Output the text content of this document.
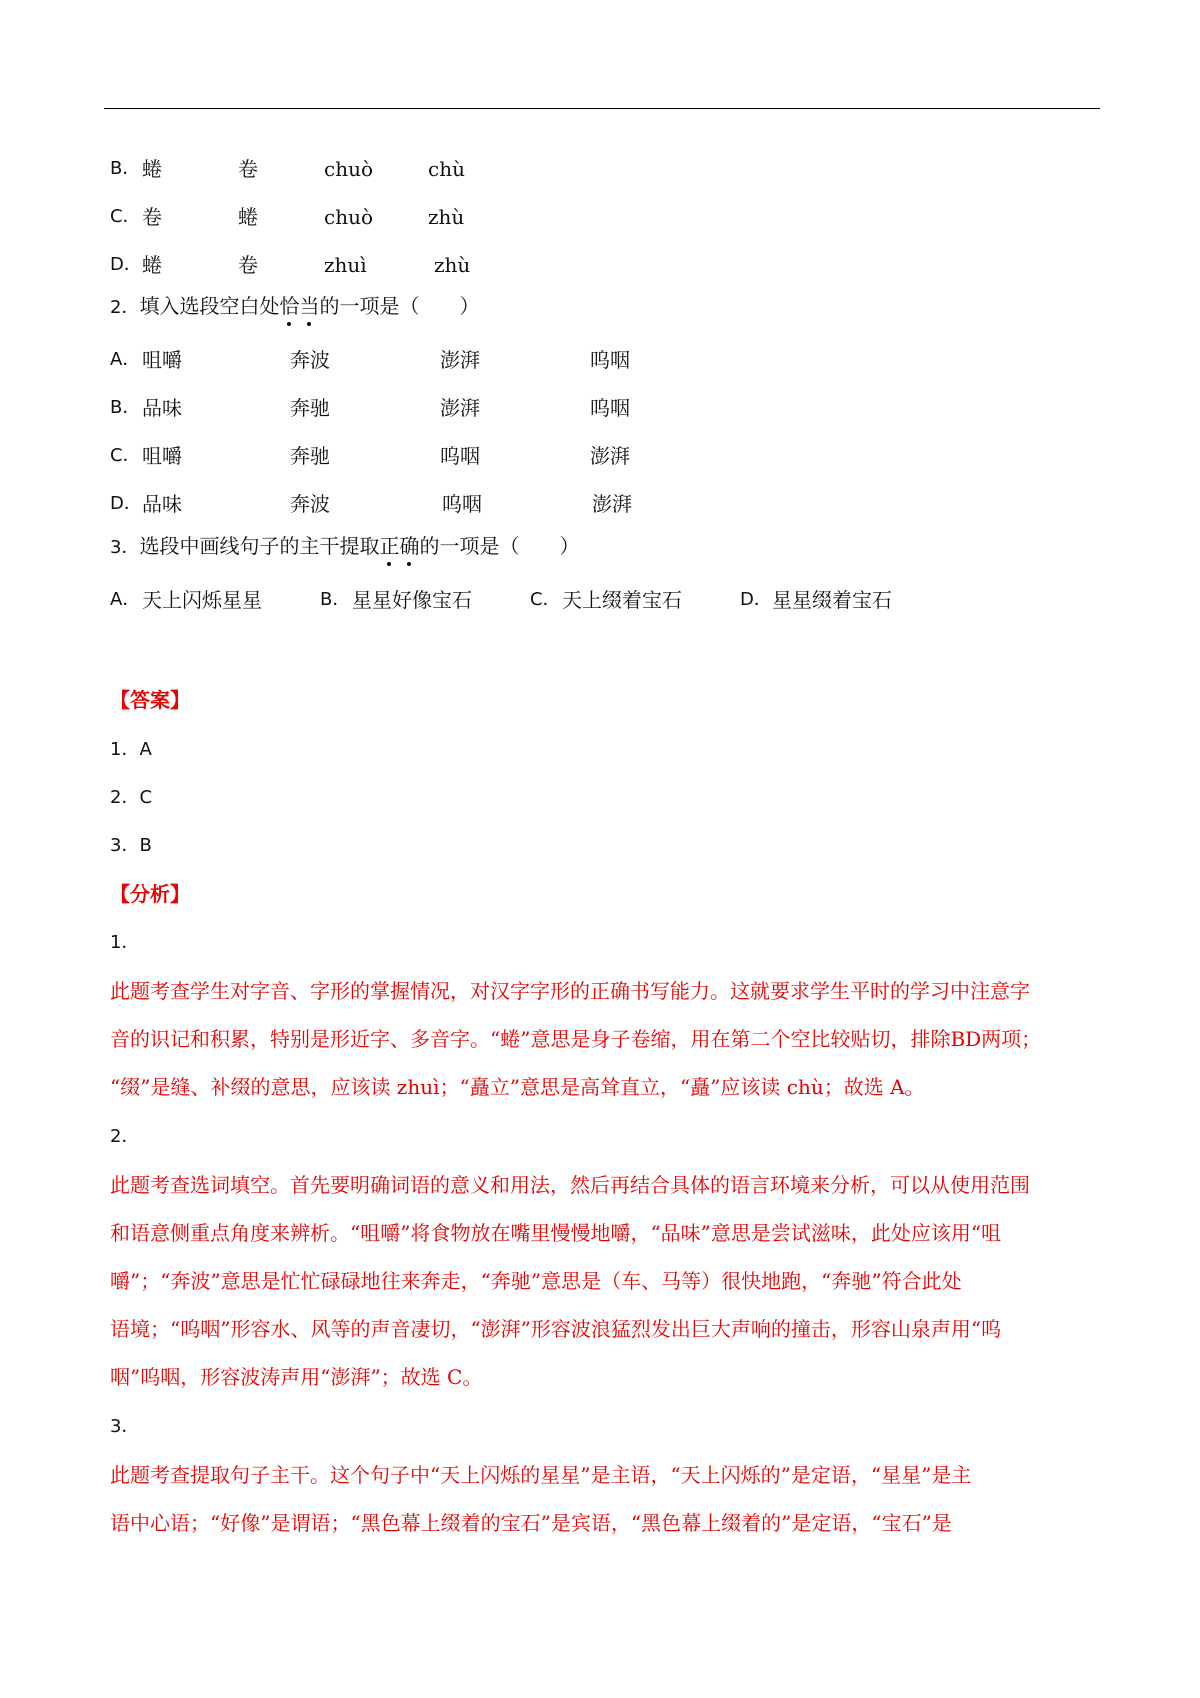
B． 蜷	卷	chuò	chù
C． 卷	蜷	chuò	zhù
D． 蜷	卷	zhuì	zhù
2．填入选段空白处恰当的一项是（　　）
A． 咀嚼	奔波	澎湃	呜咽
B． 品味	奔驰	澎湃	呜咽
C． 咀嚼	奔驰	呜咽	澎湃
D． 品味	奔波	呜咽	澎湃
3．选段中画线句子的主干提取正确的一项是（　　）
A． 天上闪烁星星	B． 星星好像宝石	C． 天上缀着宝石	D． 星星缀着宝石
【答案】
1．A
2．C
3．B
【分析】
1．

此题考查学生对字音、字形的掌握情况，对汉字字形的正确书写能力。这就要求学生平时的学习中注意字

音的识记和积累，特别是形近字、多音字。“蜷”意思是身子卷缩，用在第二个空比较贴切，排除BD两项；

“缀”是缝、补缀的意思，应该读 zhuì；“矗立”意思是高耸直立，“矗”应该读 chù；故选 A。

2．

此题考查选词填空。首先要明确词语的意义和用法，然后再结合具体的语言环境来分析，可以从使用范围

和语意侧重点角度来辨析。“咀嚼”将食物放在嘴里慢慢地嚼，“品味”意思是尝试滋味，此处应该用“咀

嚼”；“奔波”意思是忙忙碌碌地往来奔走，“奔驰”意思是（车、马等）很快地跑，“奔驰”符合此处

语境；“呜咽”形容水、风等的声音凄切，“澎湃”形容波浪猛烈发出巨大声响的撞击，形容山泉声用“呜

咽”呜咽，形容波涛声用“澎湃”；故选 C。

3．

此题考查提取句子主干。这个句子中“天上闪烁的星星”是主语，“天上闪烁的”是定语，“星星”是主

语中心语；“好像”是谓语；“黑色幕上缀着的宝石”是宾语，“黑色幕上缀着的”是定语，“宝石”是
